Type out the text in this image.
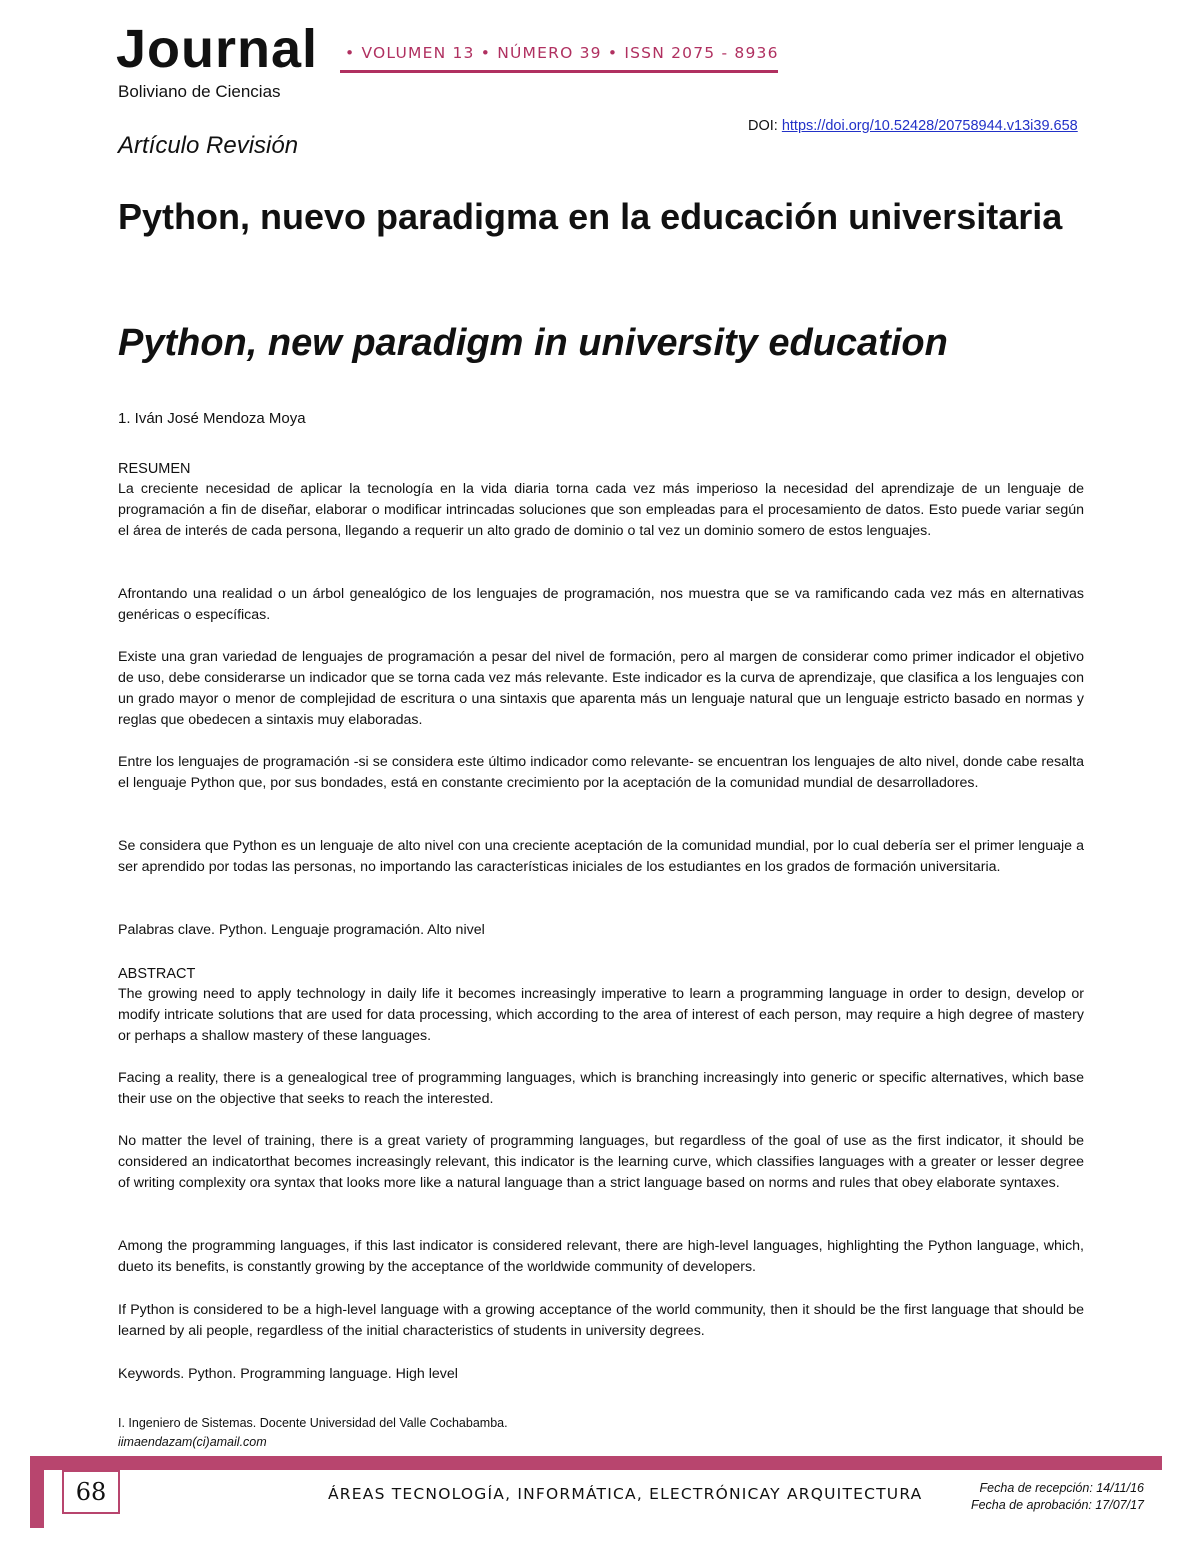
Journal
Boliviano de Ciencias
• VOLUMEN 13 • NÚMERO 39 • ISSN 2075 - 8936
Artículo Revisión
DOI: https://doi.org/10.52428/20758944.v13i39.658
Python, nuevo paradigma en la educación universitaria
Python, new paradigm in university education
1. Iván José Mendoza Moya
RESUMEN

La creciente necesidad de aplicar la tecnología en la vida diaria torna cada vez más imperioso la necesidad del aprendizaje de un lenguaje de programación a fin de diseñar, elaborar o modificar intrincadas soluciones que son empleadas para el procesamiento de datos. Esto puede variar según el área de interés de cada persona, llegando a requerir un alto grado de dominio o tal vez un dominio somero de estos lenguajes.

Afrontando una realidad o un árbol genealógico de los lenguajes de programación, nos muestra que se va ramificando cada vez más en alternativas genéricas o específicas.
Existe una gran variedad de lenguajes de programación a pesar del nivel de formación, pero al margen de considerar como primer indicador el objetivo de uso, debe considerarse un indicador que se torna cada vez más relevante. Este indicador es la curva de aprendizaje, que clasifica a los lenguajes con un grado mayor o menor de complejidad de escritura o una sintaxis que aparenta más un lenguaje natural que un lenguaje estricto basado en normas y reglas que obedecen a sintaxis muy elaboradas.
Entre los lenguajes de programación -si se considera este último indicador como relevante- se encuentran los lenguajes de alto nivel, donde cabe resalta el lenguaje Python que, por sus bondades, está en constante crecimiento por la aceptación de la comunidad mundial de desarrolladores.
Se considera que Python es un lenguaje de alto nivel con una creciente aceptación de la comunidad mundial, por lo cual debería ser el primer lenguaje a ser aprendido por todas las personas, no importando las características iniciales de los estudiantes en los grados de formación universitaria.
Palabras clave. Python. Lenguaje programación. Alto nivel
ABSTRACT

The growing need to apply technology in daily life it becomes increasingly imperative to learn a programming language in order to design, develop or modify intricate solutions that are used for data processing, which according to the area of interest of each person, may require a high degree of mastery or perhaps a shallow mastery of these languages.

Facing a reality, there is a genealogical tree of programming languages, which is branching increasingly into generic or specific alternatives, which base their use on the objective that seeks to reach the interested.
No matter the level of training, there is a great variety of programming languages, but regardless of the goal of use as the first indicator, it should be considered an indicatorthat becomes increasingly relevant, this indicator is the learning curve, which classifies languages with a greater or lesser degree of writing complexity ora syntax that looks more like a natural language than a strict language based on norms and rules that obey elaborate syntaxes.
Among the programming languages, if this last indicator is considered relevant, there are high-level languages, highlighting the Python language, which, dueto its benefits, is constantly growing by the acceptance of the worldwide community of developers.
If Python is considered to be a high-level language with a growing acceptance of the world community, then it should be the first language that should be learned by ali people, regardless of the initial characteristics of students in university degrees.
Keywords. Python. Programming language. High level
I. Ingeniero de Sistemas. Docente Universidad del Valle Cochabamba.
iimaendazam(ci)amail.com
68	ÁREAS TECNOLOGÍA, INFORMÁTICA, ELECTRÓNICAY ARQUITECTURA	Fecha de recepción: 14/11/16
Fecha de aprobación: 17/07/17
